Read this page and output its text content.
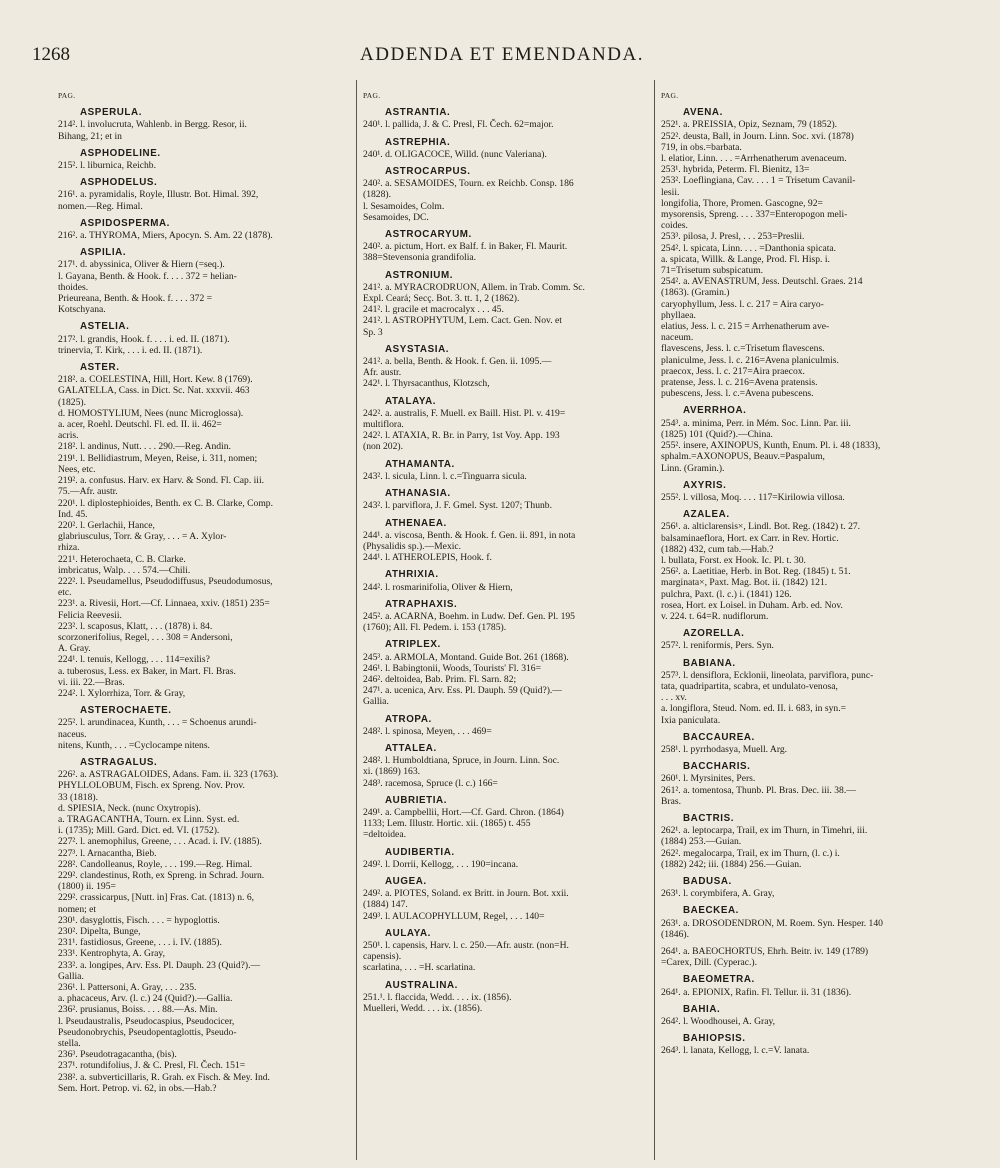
1268	ADDENDA ET EMENDANDA.
PAG.
ASPERULA.
214². l. involucruta, Wahlenb. in Bergg. Resor, ii.
Bihang, 21; et in
ASPHODELINE.
215². l. liburnica, Reichb.
ASPHODELUS.
216¹. a. pyramidalis, Royle, Illustr. Bot. Himal. 392,
nomen.—Reg. Himal.
ASPIDOSPERMA.
216². a. THYROMA, Miers, Apocyn. S. Am. 22 (1878).
ASPILIA.
217¹. d. abyssinica, Oliver & Hiern (=seq.).
l. Gayana, Benth. & Hook. f. . . . 372 = helian-
thoides.
Prieureana, Benth. & Hook. f. . . . 372 =
Kotschyana.
ASTELIA.
217². l. grandis, Hook. f. . . . i. ed. II. (1871).
trinervia, T. Kirk, . . . i. ed. II. (1871).
ASTER.
218². a. COELESTINA, Hill, Hort. Kew. 8 (1769).
GALATELLA, Cass. in Dict. Sc. Nat. xxxvii. 463
(1825).
d. HOMOSTYLIUM, Nees (nunc Microglossa).
a. acer, Roehl. Deutschl. Fl. ed. II. ii. 462=
acris.
218². l. andinus, Nutt. . . . 290.—Reg. Andin.
219¹. l. Bellidiastrum, Meyen, Reise, i. 311, nomen;
Nees, etc.
219². a. confusus. Harv. ex Harv. & Sond. Fl. Cap. iii.
75.—Afr. austr.
220¹. l. diplostephioides, Benth. ex C. B. Clarke, Comp.
Ind. 45.
220². l. Gerlachii, Hance,
glabriusculus, Torr. & Gray, . . . = A. Xylor-
rhiza.
221¹. Heterochaeta, C. B. Clarke.
imbricatus, Walp. . . . 574.—Chili.
222². l. Pseudamellus, Pseudodiffusus, Pseudodumosus,
etc.
223¹. a. Rivesii, Hort.—Cf. Linnaea, xxiv. (1851) 235=
Felicia Reevesii.
223². l. scaposus, Klatt, . . . (1878) i. 84.
scorzonerifolius, Regel, . . . 308 = Andersoni,
A. Gray.
224¹. l. tenuis, Kellogg, . . . 114=exilis?
a. tuberosus, Less. ex Baker, in Mart. Fl. Bras.
vi. iii. 22.—Bras.
224². l. Xylorrhiza, Torr. & Gray,
ASTEROCHAETE.
225². l. arundinacea, Kunth, . . . = Schoenus arundi-
naceus.
nitens, Kunth, . . . =Cyclocampe nitens.
ASTRAGALUS.
226². a. ASTRAGALOIDES, Adans. Fam. ii. 323 (1763).
PHYLLOLOBUM, Fisch. ex Spreng. Nov. Prov.
33 (1818).
d. SPIESIA, Neck. (nunc Oxytropis).
a. TRAGACANTHA, Tourn. ex Linn. Syst. ed.
i. (1735); Mill. Gard. Dict. ed. VI. (1752).
227². l. anemophilus, Greene, . . . Acad. i. IV. (1885).
227³. l. Arnacantha, Bieb.
228². Candolleanus, Royle, . . . 199.—Reg. Himal.
229². clandestinus, Roth, ex Spreng. in Schrad. Journ.
(1800) ii. 195=
229². crassicarpus, [Nutt. in] Fras. Cat. (1813) n. 6,
nomen; et
230¹. dasyglottis, Fisch. . . . = hypoglottis.
230². Dipelta, Bunge,
231¹. fastidiosus, Greene, . . . i. IV. (1885).
233¹. Kentrophyta, A. Gray,
233². a. longipes, Arv. Ess. Pl. Dauph. 23 (Quid?).—
Gallia.
236¹. l. Pattersoni, A. Gray, . . . 235.
a. phacaceus, Arv. (l. c.) 24 (Quid?).—Gallia.
236². prusianus, Boiss. . . . 88.—As. Min.
l. Pseudaustralis, Pseudocaspius, Pseudocicer,
Pseudonobrychis, Pseudopentaglottis, Pseudo-
stella.
236³. Pseudotragacantha, (bis).
237¹. rotundifolius, J. & C. Presl, Fl. Čech. 151=
238². a. subverticillaris, R. Grah. ex Fisch. & Mey. Ind.
Sem. Hort. Petrop. vi. 62, in obs.—Hab.?
PAG.
ASTRANTIA.
240¹. l. pallida, J. & C. Presl, Fl. Čech. 62=major.
ASTREPHIA.
240¹. d. OLIGACOCE, Willd. (nunc Valeriana).
ASTROCARPUS.
240². a. SESAMOIDES, Tourn. ex Reichb. Consp. 186
(1828).
l. Sesamoides, Colm.
Sesamoides, DC.
ASTROCARYUM.
240². a. pictum, Hort. ex Balf. f. in Baker, Fl. Maurit.
388=Stevensonia grandifolia.
ASTRONIUM.
241². a. MYRACRODRUON, Allem. in Trab. Comm. Sc.
Expl. Ceará; Secç. Bot. 3. tt. 1, 2 (1862).
241². l. gracile et macrocalyx . . . 45.
241². l. ASTROPHYTUM, Lem. Cact. Gen. Nov. et
Sp. 3
ASYSTASIA.
241². a. bella, Benth. & Hook. f. Gen. ii. 1095.—
Afr. austr.
242¹. l. Thyrsacanthus, Klotzsch,
ATALAYA.
242². a. australis, F. Muell. ex Baill. Hist. Pl. v. 419=
multiflora.
242². l. ATAXIA, R. Br. in Parry, 1st Voy. App. 193
(non 202).
ATHAMANTA.
243². l. sicula, Linn. l. c.=Tinguarra sicula.
ATHANASIA.
243². l. parviflora, J. F. Gmel. Syst. 1207; Thunb.
ATHENAEA.
244¹. a. viscosa, Benth. & Hook. f. Gen. ii. 891, in nota
(Physalidis sp.).—Mexic.
244¹. l. ATHEROLEPIS, Hook. f.
ATHRIXIA.
244². l. rosmarinifolia, Oliver & Hiern,
ATRAPHAXIS.
245². a. ACARNA, Boehm. in Ludw. Def. Gen. Pl. 195
(1760); All. Fl. Pedem. i. 153 (1785).
ATRIPLEX.
245³. a. ARMOLA, Montand. Guide Bot. 261 (1868).
246¹. l. Babingtonii, Woods, Tourists' Fl. 316=
246². deltoidea, Bab. Prim. Fl. Sarn. 82;
247¹. a. ucenica, Arv. Ess. Pl. Dauph. 59 (Quid?).—
Gallia.
ATROPA.
248². l. spinosa, Meyen, . . . 469=
ATTALEA.
248². l. Humboldtiana, Spruce, in Journ. Linn. Soc.
xi. (1869) 163.
248³. racemosa, Spruce (l. c.) 166=
AUBRIETIA.
249¹. a. Campbellii, Hort.—Cf. Gard. Chron. (1864)
1133; Lem. Illustr. Hortic. xii. (1865) t. 455
=deltoidea.
AUDIBERTIA.
249². l. Dorrii, Kellogg, . . . 190=incana.
AUGEA.
249². a. PIOTES, Soland. ex Britt. in Journ. Bot. xxii.
(1884) 147.
249³. l. AULACOPHYLLUM, Regel, . . . 140=
AULAYA.
250¹. l. capensis, Harv. l. c. 250.—Afr. austr. (non=H.
capensis).
scarlatina, . . . =H. scarlatina.
AUSTRALINA.
251.¹. l. flaccida, Wedd. . . . ix. (1856).
Muelleri, Wedd. . . . ix. (1856).
PAG.
AVENA.
252¹. a. PREISSIA, Opiz, Seznam, 79 (1852).
252². deusta, Ball, in Journ. Linn. Soc. xvi. (1878)
719, in obs.=barbata.
l. elatior, Linn. . . . =Arrhenatherum avenaceum.
253¹. hybrida, Peterm. Fl. Bienitz, 13=
253². Loeflingiana, Cav. . . . 1 = Trisetum Cavanil-
lesii.
longifolia, Thore, Promen. Gascogne, 92=
mysorensis, Spreng. . . . 337=Enteropogon meli-
coides.
253³. pilosa, J. Presl, . . . 253=Preslii.
254². l. spicata, Linn. . . . =Danthonia spicata.
a. spicata, Willk. & Lange, Prod. Fl. Hisp. i.
71=Trisetum subspicatum.
254². a. AVENASTRUM, Jess. Deutschl. Graes. 214
(1863). (Gramin.)
caryophyllum, Jess. l. c. 217 = Aira caryo-
phyllaea.
elatius, Jess. l. c. 215 = Arrhenatherum ave-
naceum.
flavescens, Jess. l. c.=Trisetum flavescens.
planiculme, Jess. l. c. 216=Avena planiculmis.
praecox, Jess. l. c. 217=Aira praecox.
pratense, Jess. l. c. 216=Avena pratensis.
pubescens, Jess. l. c.=Avena pubescens.
AVERRHOA.
254³. a. minima, Perr. in Mém. Soc. Linn. Par. iii.
(1825) 101 (Quid?).—China.
255². insere, AXINOPUS, Kunth, Enum. Pl. i. 48 (1833),
sphalm.=AXONOPUS, Beauv.=Paspalum,
Linn. (Gramin.).
AXYRIS.
255². l. villosa, Moq. . . . 117=Kirilowia villosa.
AZALEA.
256¹. a. alticlarensis×, Lindl. Bot. Reg. (1842) t. 27.
balsaminaeflora, Hort. ex Carr. in Rev. Hortic.
(1882) 432, cum tab.—Hab.?
l. bullata, Forst. ex Hook. Ic. Pl. t. 30.
256². a. Laetitiae, Herb. in Bot. Reg. (1845) t. 51.
marginata×, Paxt. Mag. Bot. ii. (1842) 121.
pulchra, Paxt. (l. c.) i. (1841) 126.
rosea, Hort. ex Loisel. in Duham. Arb. ed. Nov.
v. 224. t. 64=R. nudiflorum.
AZORELLA.
257². l. reniformis, Pers. Syn.
BABIANA.
257³. l. densiflora, Ecklonii, lineolata, parviflora, punc-
tata, quadripartita, scabra, et undulato-venosa,
. . . xv.
a. longiflora, Steud. Nom. ed. II. i. 683, in syn.=
Ixia paniculata.
BACCAUREA.
258¹. l. pyrrhodasya, Muell. Arg.
BACCHARIS.
260¹. l. Myrsinites, Pers.
261². a. tomentosa, Thunb. Pl. Bras. Dec. iii. 38.—
Bras.
BACTRIS.
262¹. a. leptocarpa, Trail, ex im Thurn, in Timehri, iii.
(1884) 253.—Guian.
262². megalocarpa, Trail, ex im Thurn, (l. c.) i.
(1882) 242; iii. (1884) 256.—Guian.
BADUSA.
263¹. l. corymbifera, A. Gray,
BAECKEA.
263¹. a. DROSODENDRON, M. Roem. Syn. Hesper. 140
(1846).
264¹. a. BAEOCHORTUS, Ehrh. Beitr. iv. 149 (1789)
=Carex, Dill. (Cyperac.).
BAEOMETRA.
264¹. a. EPIONIX, Rafin. Fl. Tellur. ii. 31 (1836).
BAHIA.
264². l. Woodhousei, A. Gray,
BAHIOPSIS.
264³. l. lanata, Kellogg, l. c.=V. lanata.
